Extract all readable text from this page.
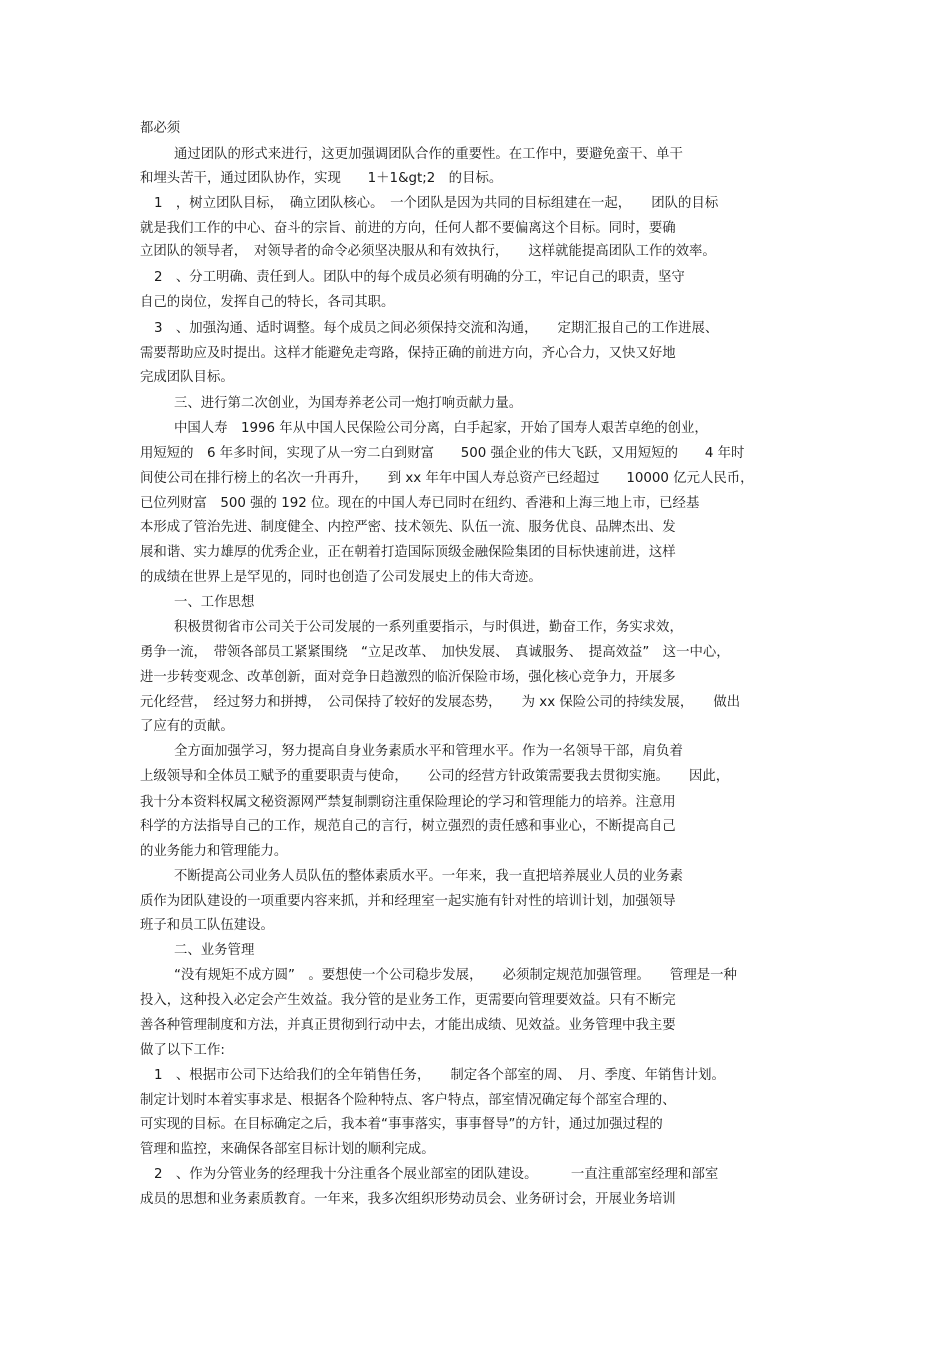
都必须
通过团队的形式来进行，这更加强调团队合作的重要性。在工作中，要避免蛮干、单干
和埋头苦干，通过团队协作，实现　　1＋1&gt;2　的目标。
1　，树立团队目标，　确立团队核心。　一个团队是因为共同的目标组建在一起，　　团队的目标
就是我们工作的中心、奋斗的宗旨、前进的方向，任何人都不要偏离这个目标。同时，要确
立团队的领导者，　对领导者的命令必须坚决服从和有效执行，　　这样就能提高团队工作的效率。
2　、分工明确、责任到人。团队中的每个成员必须有明确的分工，牢记自己的职责，坚守
自己的岗位，发挥自己的特长，各司其职。
3　、加强沟通、适时调整。每个成员之间必须保持交流和沟通，　　定期汇报自己的工作进展、
需要帮助应及时提出。这样才能避免走弯路，保持正确的前进方向，齐心合力，又快又好地
完成团队目标。
三、进行第二次创业，为国寿养老公司一炮打响贡献力量。
中国人寿　1996 年从中国人民保险公司分离，白手起家，开始了国寿人艰苦卓绝的创业，
用短短的　6 年多时间，实现了从一穷二白到财富　　500 强企业的伟大飞跃，又用短短的　　4 年时
间使公司在排行榜上的名次一升再升，　　到 xx 年年中国人寿总资产已经超过　　10000 亿元人民币，
已位列财富　500 强的 192 位。现在的中国人寿已同时在纽约、香港和上海三地上市，已经基
本形成了管治先进、制度健全、内控严密、技术领先、队伍一流、服务优良、品牌杰出、发
展和谐、实力雄厚的优秀企业，正在朝着打造国际顶级金融保险集团的目标快速前进，这样
的成绩在世界上是罕见的，同时也创造了公司发展史上的伟大奇迹。
一、工作思想
积极贯彻省市公司关于公司发展的一系列重要指示，与时俱进，勤奋工作，务实求效，
勇争一流，　带领各部员工紧紧围绕　“立足改革、　加快发展、　真诚服务、　提高效益”　这一中心，
进一步转变观念、改革创新，面对竞争日趋激烈的临沂保险市场，强化核心竞争力，开展多
元化经营，　经过努力和拼搏，　公司保持了较好的发展态势，　　为 xx 保险公司的持续发展，　　做出
了应有的贡献。
全方面加强学习，努力提高自身业务素质水平和管理水平。作为一名领导干部，肩负着
上级领导和全体员工赋予的重要职责与使命，　　公司的经营方针政策需要我去贯彻实施。　　因此，
我十分本资料权属文秘资源网严禁复制剽窃注重保险理论的学习和管理能力的培养。注意用
科学的方法指导自己的工作，规范自己的言行，树立强烈的责任感和事业心，不断提高自己
的业务能力和管理能力。
不断提高公司业务人员队伍的整体素质水平。一年来，我一直把培养展业人员的业务素
质作为团队建设的一项重要内容来抓，并和经理室一起实施有针对性的培训计划，加强领导
班子和员工队伍建设。
二、业务管理
“没有规矩不成方圆”　。要想使一个公司稳步发展，　　必须制定规范加强管理。　　管理是一种
投入，这种投入必定会产生效益。我分管的是业务工作，更需要向管理要效益。只有不断完
善各种管理制度和方法，并真正贯彻到行动中去，才能出成绩、见效益。业务管理中我主要
做了以下工作:
1　、根据市公司下达给我们的全年销售任务，　　制定各个部室的周、　月、季度、年销售计划。
制定计划时本着实事求是、根据各个险种特点、客户特点，部室情况确定每个部室合理的、
可实现的目标。在目标确定之后，我本着“事事落实，事事督导”的方针，通过加强过程的
管理和监控，来确保各部室目标计划的顺利完成。
2　、作为分管业务的经理我十分注重各个展业部室的团队建设。　　　一直注重部室经理和部室
成员的思想和业务素质教育。一年来，我多次组织形势动员会、业务研讨会，开展业务培训
